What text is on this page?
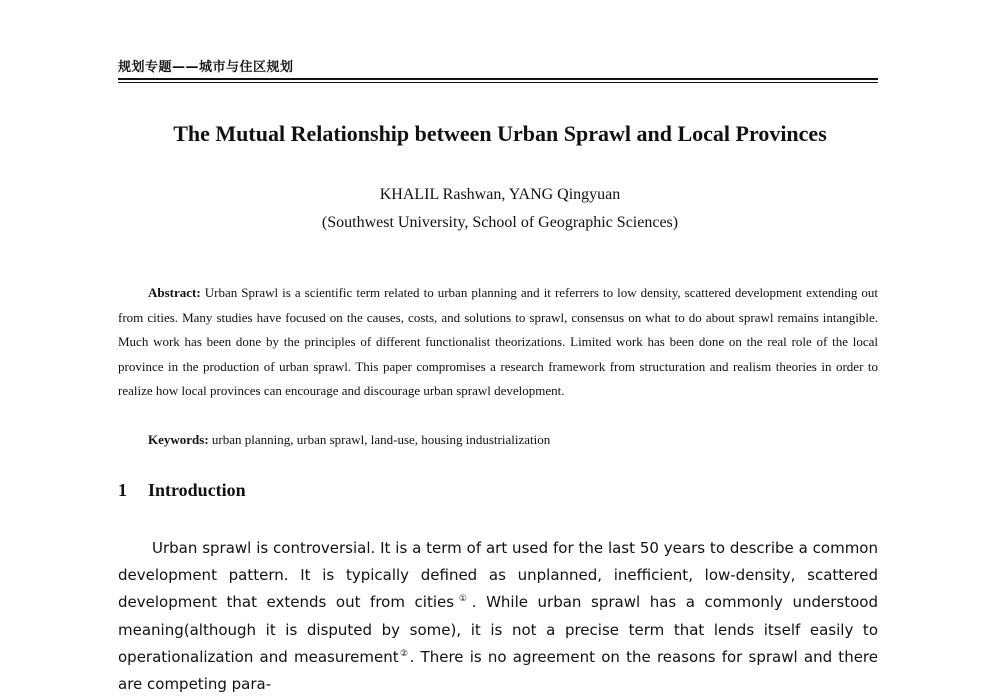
规划专题——城市与住区规划
The Mutual Relationship between Urban Sprawl and Local Provinces
KHALIL Rashwan, YANG Qingyuan
(Southwest University, School of Geographic Sciences)
Abstract: Urban Sprawl is a scientific term related to urban planning and it referrers to low density, scattered development extending out from cities. Many studies have focused on the causes, costs, and solutions to sprawl, consensus on what to do about sprawl remains intangible. Much work has been done by the principles of different functionalist theorizations. Limited work has been done on the real role of the local province in the production of urban sprawl. This paper compromises a research framework from structuration and realism theories in order to realize how local provinces can encourage and discourage urban sprawl development.
Keywords: urban planning, urban sprawl, land-use, housing industrialization
1 Introduction
Urban sprawl is controversial. It is a term of art used for the last 50 years to describe a common development pattern. It is typically defined as unplanned, inefficient, low-density, scattered development that extends out from cities①. While urban sprawl has a commonly understood meaning(although it is disputed by some), it is not a precise term that lends itself easily to operationalization and measurement②. There is no agreement on the reasons for sprawl and there are competing para-
